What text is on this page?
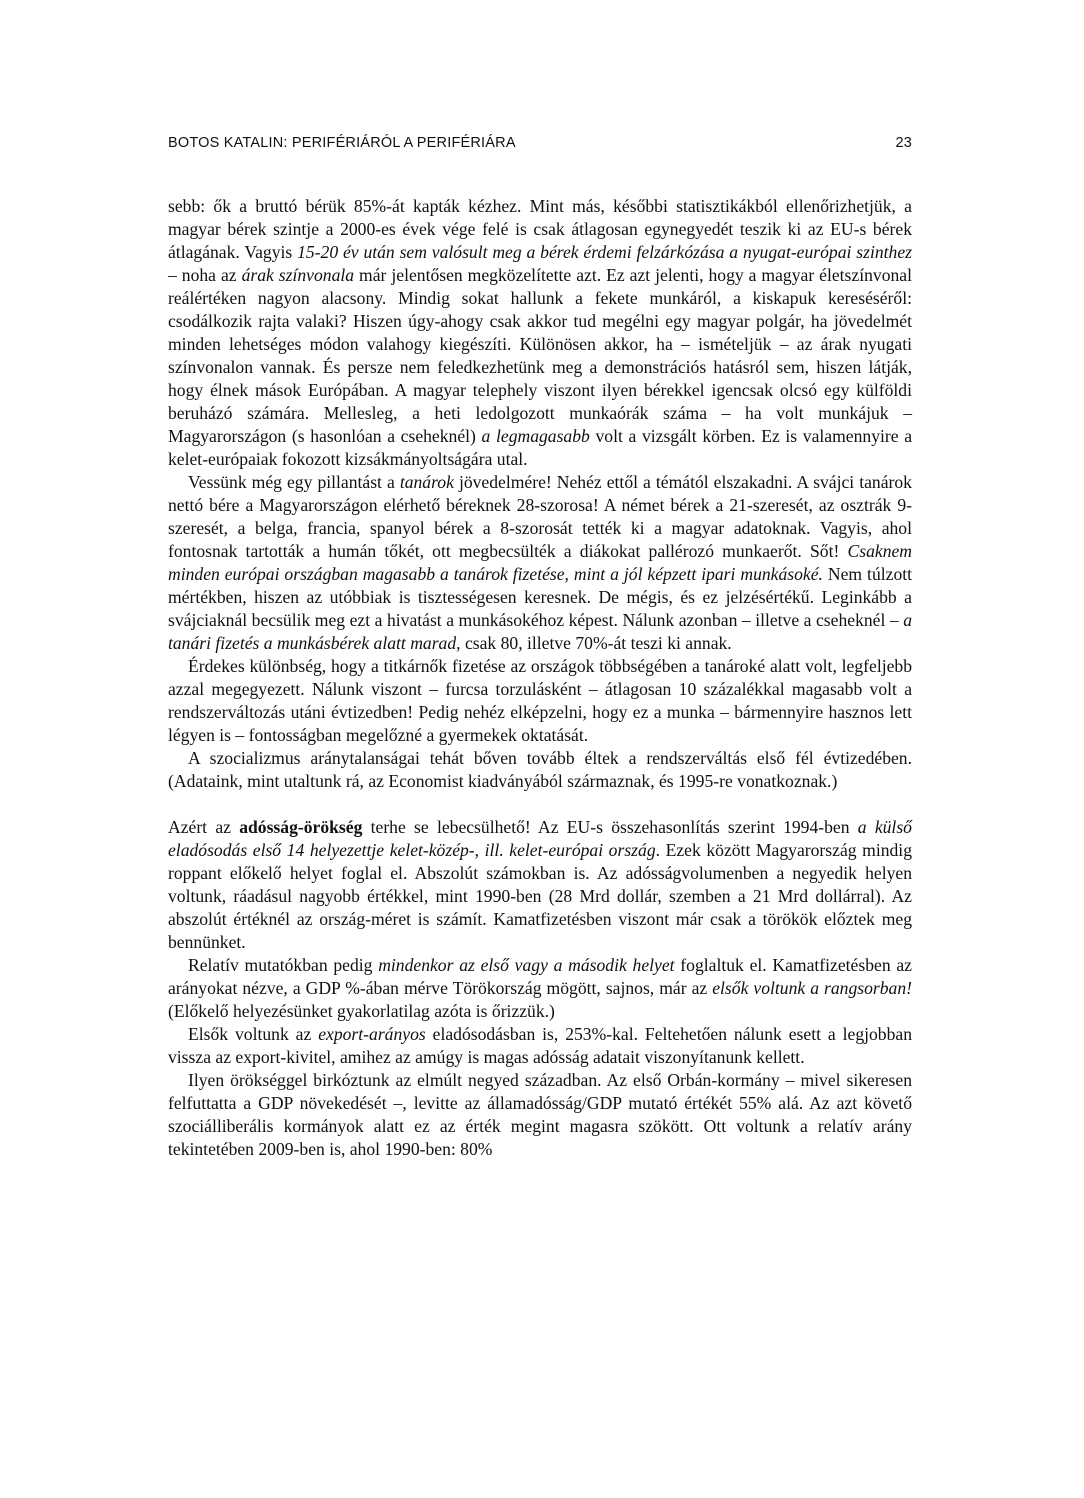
BOTOS KATALIN: PERIFÉRIÁRÓL A PERIFÉRIÁRA	23

sebb: ők a bruttó bérük 85%-át kapták kézhez. Mint más, későbbi statisztikákból ellenőrizhetjük, a magyar bérek szintje a 2000-es évek vége felé is csak átlagosan egynegyedét teszik ki az EU-s bérek átlagának. Vagyis 15-20 év után sem valósult meg a bérek érdemi felzárkózása a nyugat-európai szinthez – noha az árak színvonala már jelentősen megközelítette azt. Ez azt jelenti, hogy a magyar életszínvonal reálértéken nagyon alacsony. Mindig sokat hallunk a fekete munkáról, a kiskapuk kereséséről: csodálkozik rajta valaki? Hiszen úgy-ahogy csak akkor tud megélni egy magyar polgár, ha jövedelmét minden lehetséges módon valahogy kiegészíti. Különösen akkor, ha – ismételjük – az árak nyugati színvonalon vannak. És persze nem feledkezhetünk meg a demonstrációs hatásról sem, hiszen látják, hogy élnek mások Európában. A magyar telephely viszont ilyen bérekkel igencsak olcsó egy külföldi beruházó számára. Mellesleg, a heti ledolgozott munkaórák száma – ha volt munkájuk – Magyarországon (s hasonlóan a cseheknél) a legmagasabb volt a vizsgált körben. Ez is valamennyire a kelet-európaiak fokozott kizsákmányoltságára utal.

Vessünk még egy pillantást a tanárok jövedelmére! Nehéz ettől a témától elszakadni. A svájci tanárok nettó bére a Magyarországon elérhető béreknek 28-szorosa! A német bérek a 21-szeresét, az osztrák 9-szeresét, a belga, francia, spanyol bérek a 8-szorosát tették ki a magyar adatoknak. Vagyis, ahol fontosnak tartották a humán tőkét, ott megbecsülték a diákokat pallérozó munkaerőt. Sőt! Csaknem minden európai országban magasabb a tanárok fizetése, mint a jól képzett ipari munkásoké. Nem túlzott mértékben, hiszen az utóbbiak is tisztességesen keresnek. De mégis, és ez jelzésértékű. Leginkább a svájciaknál becsülik meg ezt a hivatást a munkásokéhoz képest. Nálunk azonban – illetve a cseheknél – a tanári fizetés a munkásbérek alatt marad, csak 80, illetve 70%-át teszi ki annak.

Érdekes különbség, hogy a titkárnők fizetése az országok többségében a tanároké alatt volt, legfeljebb azzal megegyezett. Nálunk viszont – furcsa torzulásként – átlagosan 10 százalékkal magasabb volt a rendszerváltozás utáni évtizedben! Pedig nehéz elképzelni, hogy ez a munka – bármennyire hasznos lett légyen is – fontosságban megelőzné a gyermekek oktatását.

A szocializmus aránytalanságai tehát bőven tovább éltek a rendszerváltás első fél évtizedében. (Adataink, mint utaltunk rá, az Economist kiadványából származnak, és 1995-re vonatkoznak.)

Azért az adósság-örökség terhe se lebecsülhető! Az EU-s összehasonlítás szerint 1994-ben a külső eladósodás első 14 helyezettje kelet-közép-, ill. kelet-európai ország. Ezek között Magyarország mindig roppant előkelő helyet foglal el. Abszolút számokban is. Az adósságvolumenben a negyedik helyen voltunk, ráadásul nagyobb értékkel, mint 1990-ben (28 Mrd dollár, szemben a 21 Mrd dollárral). Az abszolút értéknél az ország-méret is számít. Kamatfizetésben viszont már csak a törökök előztek meg bennünket.

Relatív mutatókban pedig mindenkor az első vagy a második helyet foglaltuk el. Kamatfizetésben az arányokat nézve, a GDP %-ában mérve Törökország mögött, sajnos, már az elsők voltunk a rangsorban! (Előkelő helyezésünket gyakorlatilag azóta is őrizzük.)

Elsők voltunk az export-arányos eladósodásban is, 253%-kal. Feltehetően nálunk esett a legjobban vissza az export-kivitel, amihez az amúgy is magas adósság adatait viszonyítanunk kellett.

Ilyen örökséggel birkóztunk az elmúlt negyed században. Az első Orbán-kormány – mivel sikeresen felfuttatta a GDP növekedését –, levitte az államadósság/GDP mutató értékét 55% alá. Az azt követő szociálliberális kormányok alatt ez az érték megint magasra szökött. Ott voltunk a relatív arány tekintetében 2009-ben is, ahol 1990-ben: 80%
